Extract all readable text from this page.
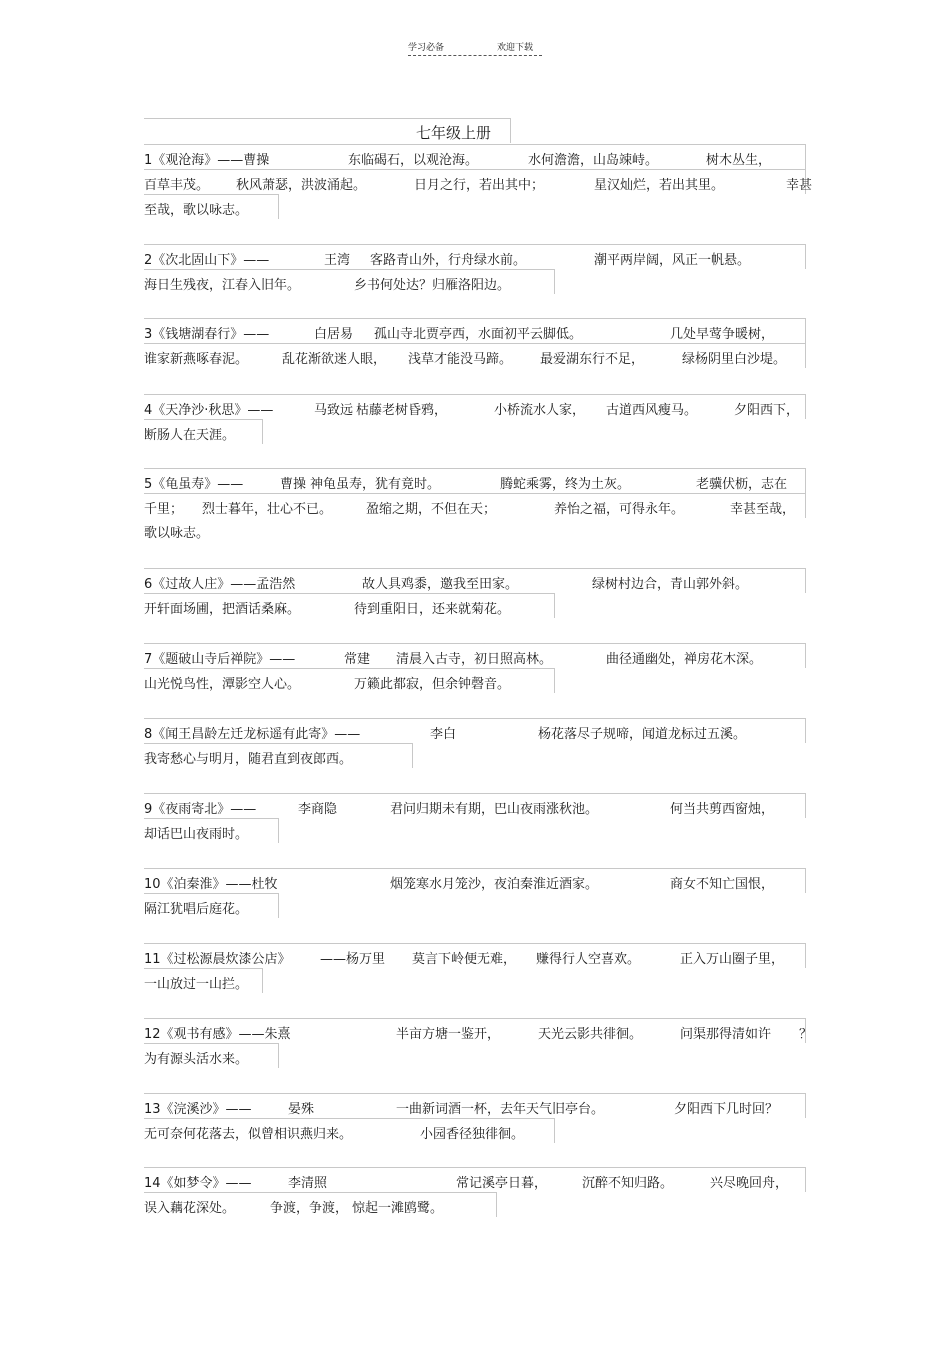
学习必备	欢迎下载
七年级上册
1《观沧海》——曹操	东临碣石，以观沧海。	水何澹澹，山岛竦峙。	树木丛生，
百草丰茂。 秋风萧瑟，洪波涌起。	日月之行，若出其中；	星汉灿烂，若出其里。	幸甚
至哉，歌以咏志。
2《次北固山下》——	王湾 客路青山外，行舟绿水前。	潮平两岸阔，风正一帆悬。
海日生残夜，江春入旧年。	乡书何处达？归雁洛阳边。
3《钱塘湖春行》——	白居易 孤山寺北贾亭西，水面初平云脚低。	几处早莺争暖树，
谁家新燕啄春泥。	乱花渐欲迷人眼， 浅草才能没马蹄。 最爱湖东行不足，	绿杨阴里白沙堤。
4《天净沙·秋思》——	马致远 枯藤老树昏鸦，	小桥流水人家， 古道西风瘦马。	夕阳西下，
断肠人在天涯。
5《龟虽寿》——	曹操 神龟虽寿，犹有竟时。	腾蛇乘雾，终为土灰。	老骥伏枥，志在
千里； 烈士暮年，壮心不已。	盈缩之期，不但在天；	养怡之福，可得永年。	幸甚至哉，
歌以咏志。
6《过故人庄》——孟浩然	故人具鸡黍，邀我至田家。	绿树村边合，青山郭外斜。
开轩面场圃，把酒话桑麻。	待到重阳日，还来就菊花。
7《题破山寺后禅院》——	常建 清晨入古寺，初日照高林。	曲径通幽处，禅房花木深。
山光悦鸟性，潭影空人心。	万籁此都寂，但余钟磬音。
8《闻王昌龄左迁龙标遥有此寄》——	李白	杨花落尽子规啼，闻道龙标过五溪。
我寄愁心与明月，随君直到夜郎西。
9《夜雨寄北》——	李商隐	君问归期未有期，巴山夜雨涨秋池。	何当共剪西窗烛，
却话巴山夜雨时。
10《泊秦淮》——杜牧	烟笼寒水月笼沙，夜泊秦淮近酒家。	商女不知亡国恨，
隔江犹唱后庭花。
11《过松源晨炊漆公店》 ——杨万里 莫言下岭便无难， 赚得行人空喜欢。	正入万山圈子里，
一山放过一山拦。
12《观书有感》——朱熹	半亩方塘一鉴开，	天光云影共徘徊。	问渠那得清如许 ？
为有源头活水来。
13《浣溪沙》——	晏殊	一曲新词酒一杯，去年天气旧亭台。	夕阳西下几时回？
无可奈何花落去，似曾相识燕归来。	小园香径独徘徊。
14《如梦令》——	李清照	常记溪亭日暮，	沉醉不知归路。	兴尽晚回舟，
误入藕花深处。	争渡，争渡， 惊起一滩鸥鹭。
